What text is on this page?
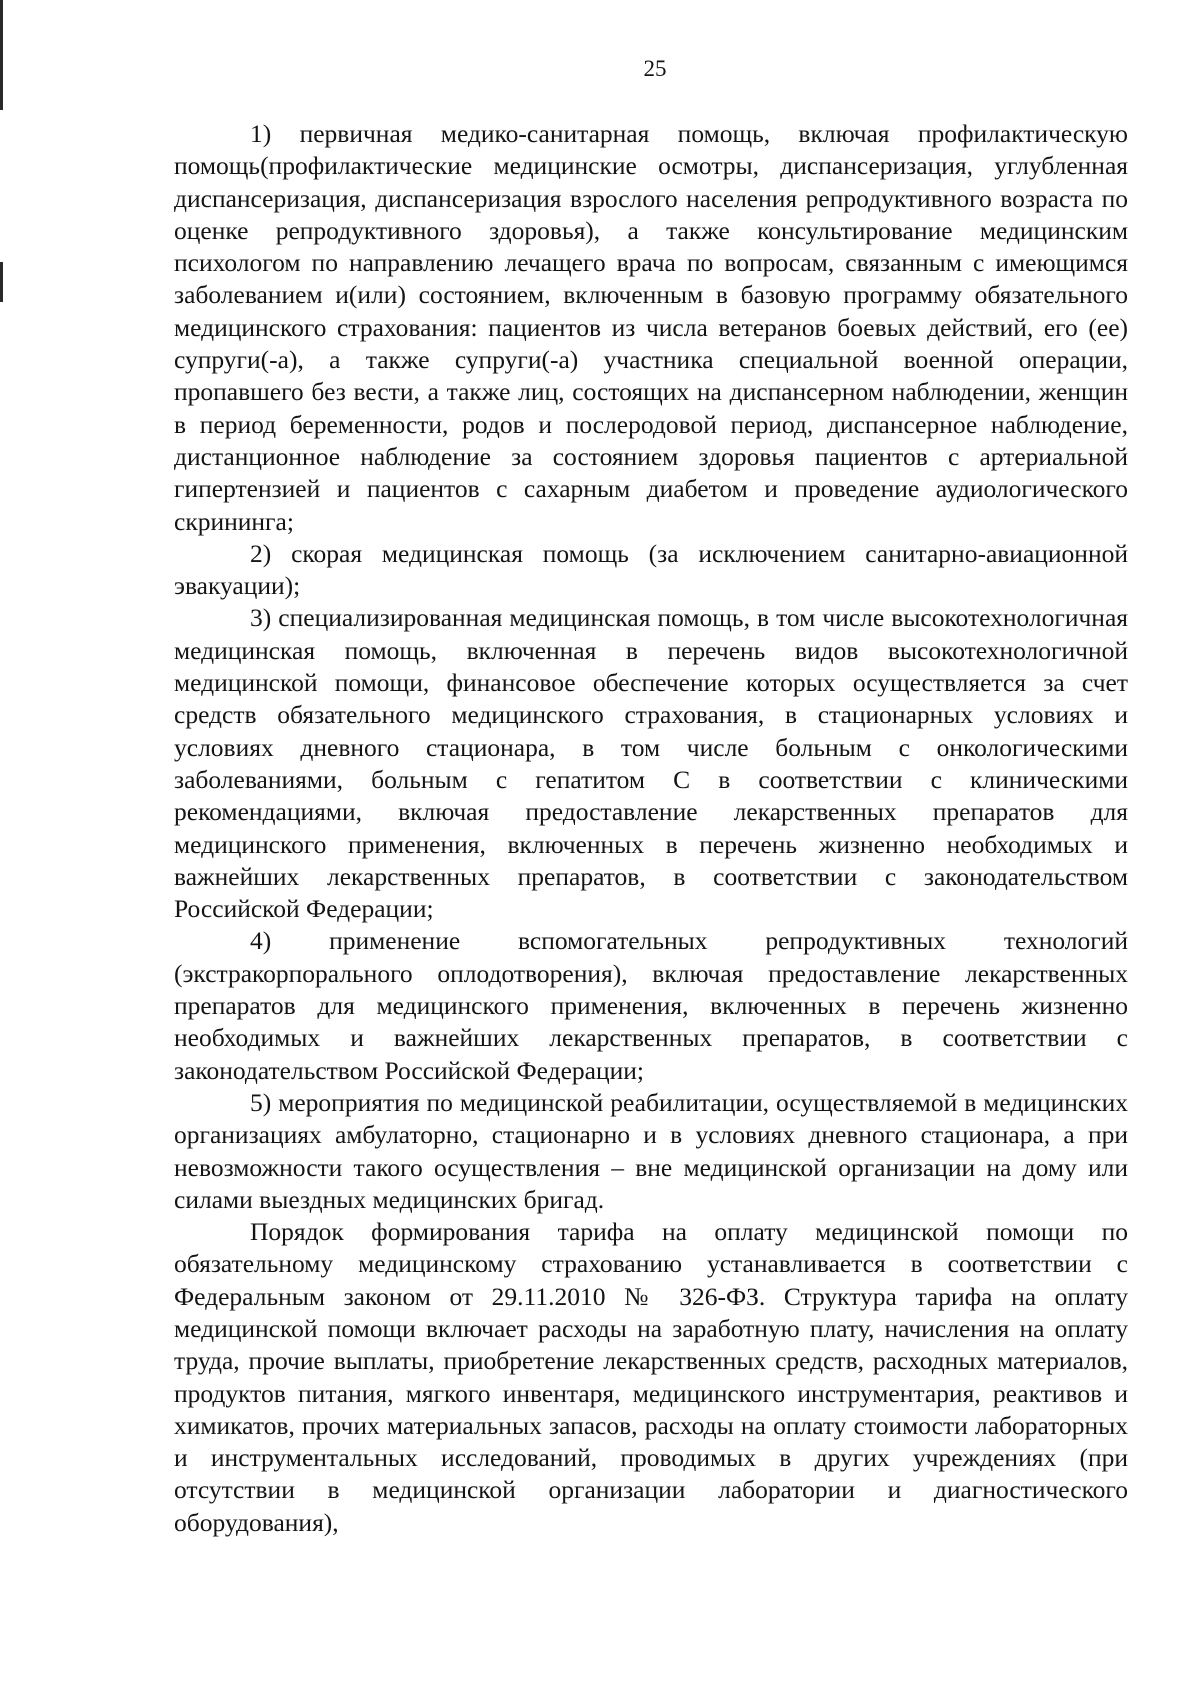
25

1) первичная медико-санитарная помощь, включая профилактическую помощь(профилактические медицинские осмотры, диспансеризация, углубленная диспансеризация, диспансеризация взрослого населения репродуктивного возраста по оценке репродуктивного здоровья), а также консультирование медицинским психологом по направлению лечащего врача по вопросам, связанным с имеющимся заболеванием и(или) состоянием, включенным в базовую программу обязательного медицинского страхования: пациентов из числа ветеранов боевых действий, его (ее) супруги(-а), а также супруги(-а) участника специальной военной операции, пропавшего без вести, а также лиц, состоящих на диспансерном наблюдении, женщин в период беременности, родов и послеродовой период, диспансерное наблюдение, дистанционное наблюдение за состоянием здоровья пациентов с артериальной гипертензией и пациентов с сахарным диабетом и проведение аудиологического скрининга;

2) скорая медицинская помощь (за исключением санитарно-авиационной эвакуации);

3) специализированная медицинская помощь, в том числе высокотехнологичная медицинская помощь, включенная в перечень видов высокотехнологичной медицинской помощи, финансовое обеспечение которых осуществляется за счет средств обязательного медицинского страхования, в стационарных условиях и условиях дневного стационара, в том числе больным с онкологическими заболеваниями, больным с гепатитом С в соответствии с клиническими рекомендациями, включая предоставление лекарственных препаратов для медицинского применения, включенных в перечень жизненно необходимых и важнейших лекарственных препаратов, в соответствии с законодательством Российской Федерации;

4) применение вспомогательных репродуктивных технологий (экстракорпорального оплодотворения), включая предоставление лекарственных препаратов для медицинского применения, включенных в перечень жизненно необходимых и важнейших лекарственных препаратов, в соответствии с законодательством Российской Федерации;

5) мероприятия по медицинской реабилитации, осуществляемой в медицинских организациях амбулаторно, стационарно и в условиях дневного стационара, а при невозможности такого осуществления – вне медицинской организации на дому или силами выездных медицинских бригад.

Порядок формирования тарифа на оплату медицинской помощи по обязательному медицинскому страхованию устанавливается в соответствии с Федеральным законом от 29.11.2010 № 326-ФЗ. Структура тарифа на оплату медицинской помощи включает расходы на заработную плату, начисления на оплату труда, прочие выплаты, приобретение лекарственных средств, расходных материалов, продуктов питания, мягкого инвентаря, медицинского инструментария, реактивов и химикатов, прочих материальных запасов, расходы на оплату стоимости лабораторных и инструментальных исследований, проводимых в других учреждениях (при отсутствии в медицинской организации лаборатории и диагностического оборудования),
